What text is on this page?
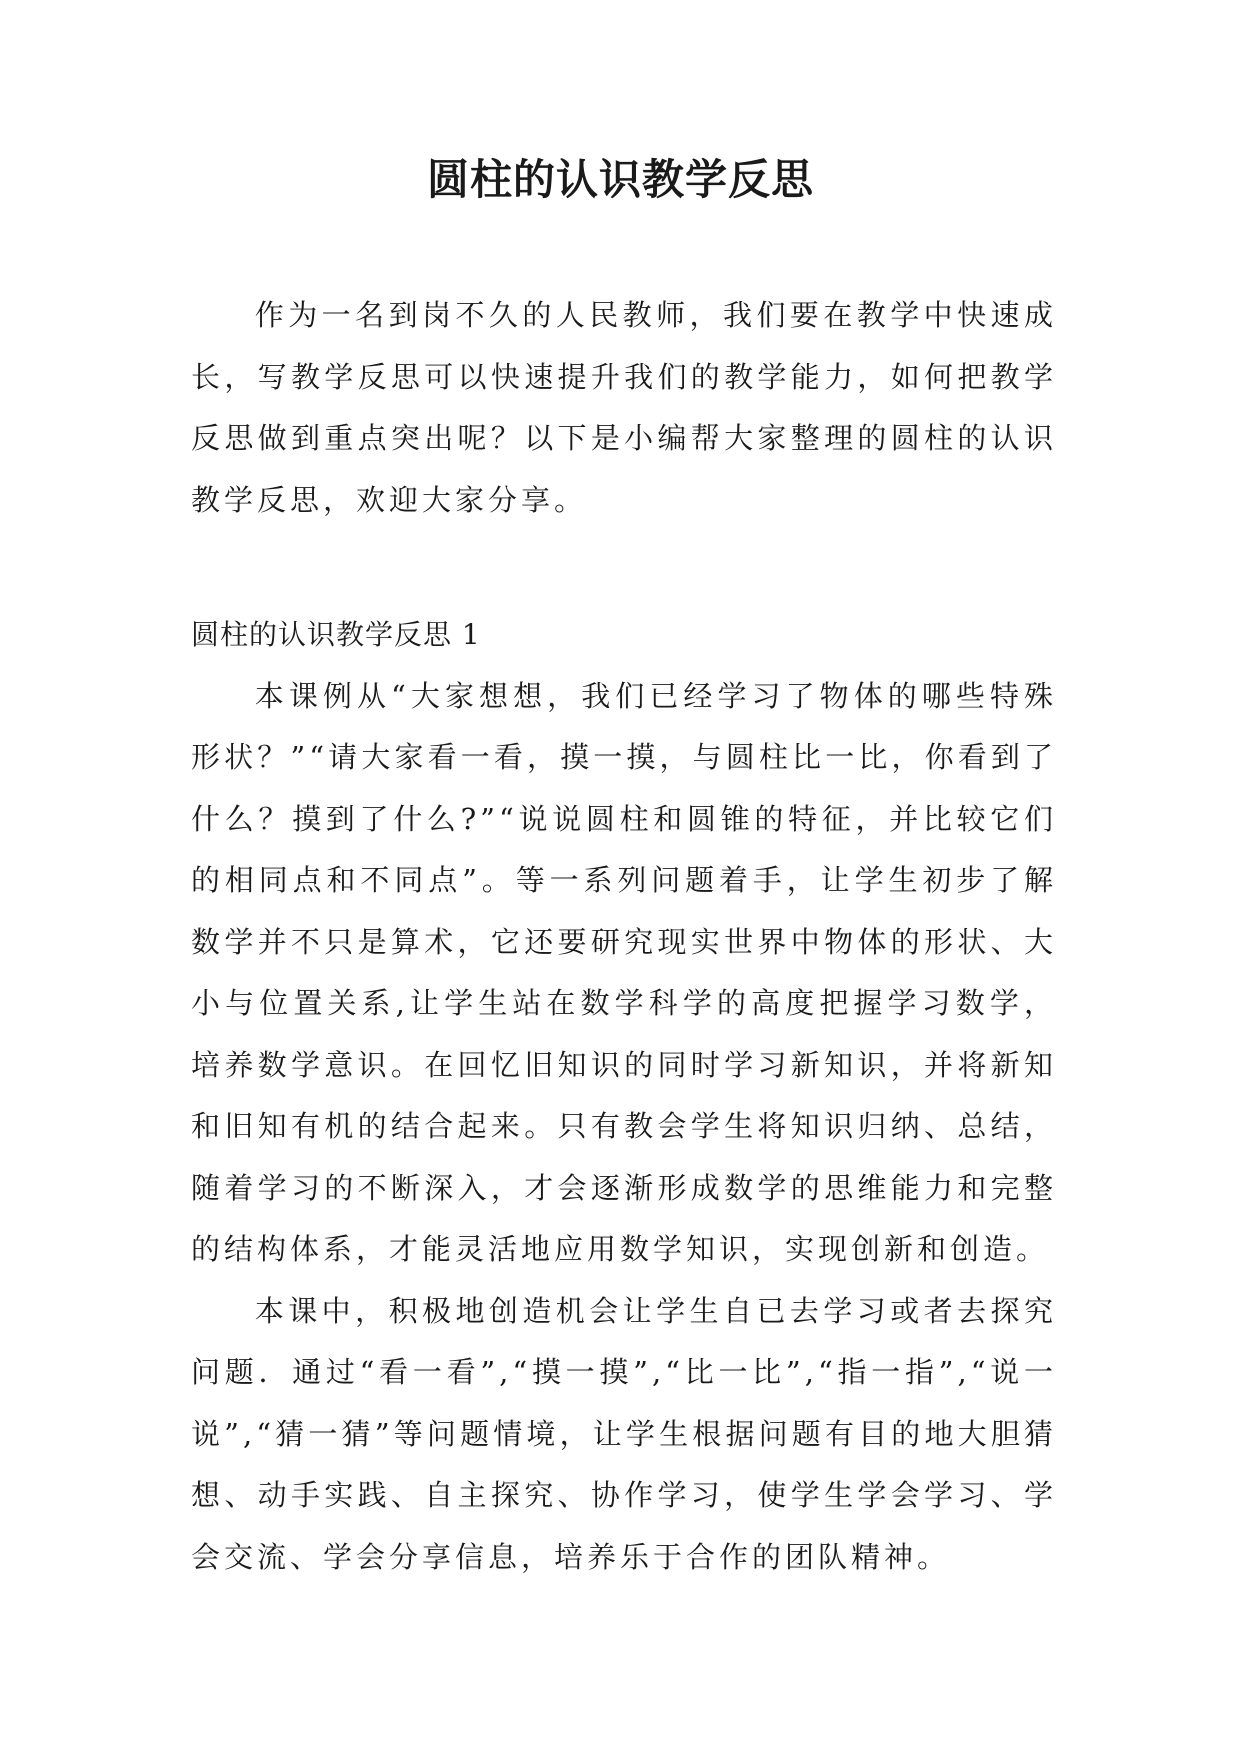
圆柱的认识教学反思

作为一名到岗不久的人民教师，我们要在教学中快速成长，写教学反思可以快速提升我们的教学能力，如何把教学反思做到重点突出呢？以下是小编帮大家整理的圆柱的认识教学反思，欢迎大家分享。

圆柱的认识教学反思 1

本课例从“大家想想，我们已经学习了物体的哪些特殊形状？”“请大家看一看，摸一摸，与圆柱比一比，你看到了什么？摸到了什么?”“说说圆柱和圆锥的特征，并比较它们的相同点和不同点”。等一系列问题着手，让学生初步了解数学并不只是算术，它还要研究现实世界中物体的形状、大小与位置关系,让学生站在数学科学的高度把握学习数学，培养数学意识。在回忆旧知识的同时学习新知识，并将新知和旧知有机的结合起来。只有教会学生将知识归纳、总结，随着学习的不断深入，才会逐渐形成数学的思维能力和完整的结构体系，才能灵活地应用数学知识，实现创新和创造。

本课中，积极地创造机会让学生自已去学习或者去探究问题．通过“看一看”,“摸一摸”,“比一比”,“指一指”,“说一说”,“猜一猜”等问题情境，让学生根据问题有目的地大胆猜想、动手实践、自主探究、协作学习，使学生学会学习、学会交流、学会分享信息，培养乐于合作的团队精神。
